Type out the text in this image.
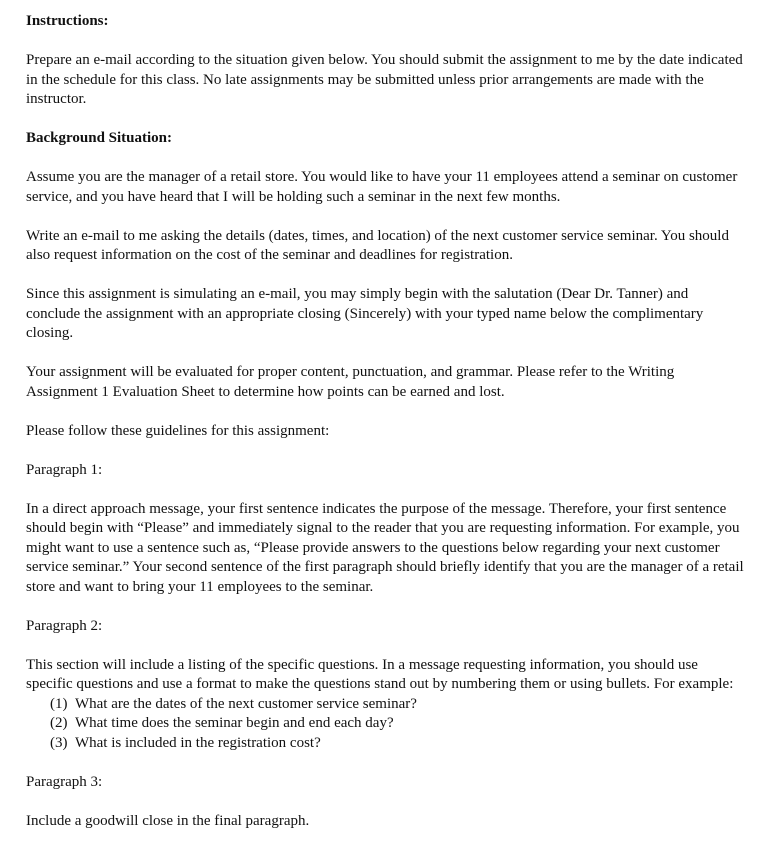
Instructions:

Prepare an e-mail according to the situation given below. You should submit the assignment to me by the date indicated in the schedule for this class. No late assignments may be submitted unless prior arrangements are made with the instructor.

Background Situation:

Assume you are the manager of a retail store. You would like to have your 11 employees attend a seminar on customer service, and you have heard that I will be holding such a seminar in the next few months.

Write an e-mail to me asking the details (dates, times, and location) of the next customer service seminar. You should also request information on the cost of the seminar and deadlines for registration.

Since this assignment is simulating an e-mail, you may simply begin with the salutation (Dear Dr. Tanner) and conclude the assignment with an appropriate closing (Sincerely) with your typed name below the complimentary closing.

Your assignment will be evaluated for proper content, punctuation, and grammar. Please refer to the Writing Assignment 1 Evaluation Sheet to determine how points can be earned and lost.

Please follow these guidelines for this assignment:

Paragraph 1:

In a direct approach message, your first sentence indicates the purpose of the message. Therefore, your first sentence should begin with “Please” and immediately signal to the reader that you are requesting information. For example, you might want to use a sentence such as, “Please provide answers to the questions below regarding your next customer service seminar.” Your second sentence of the first paragraph should briefly identify that you are the manager of a retail store and want to bring your 11 employees to the seminar.

Paragraph 2:

This section will include a listing of the specific questions. In a message requesting information, you should use specific questions and use a format to make the questions stand out by numbering them or using bullets. For example:

(1) What are the dates of the next customer service seminar?
(2) What time does the seminar begin and end each day?
(3) What is included in the registration cost?

Paragraph 3:

Include a goodwill close in the final paragraph.
